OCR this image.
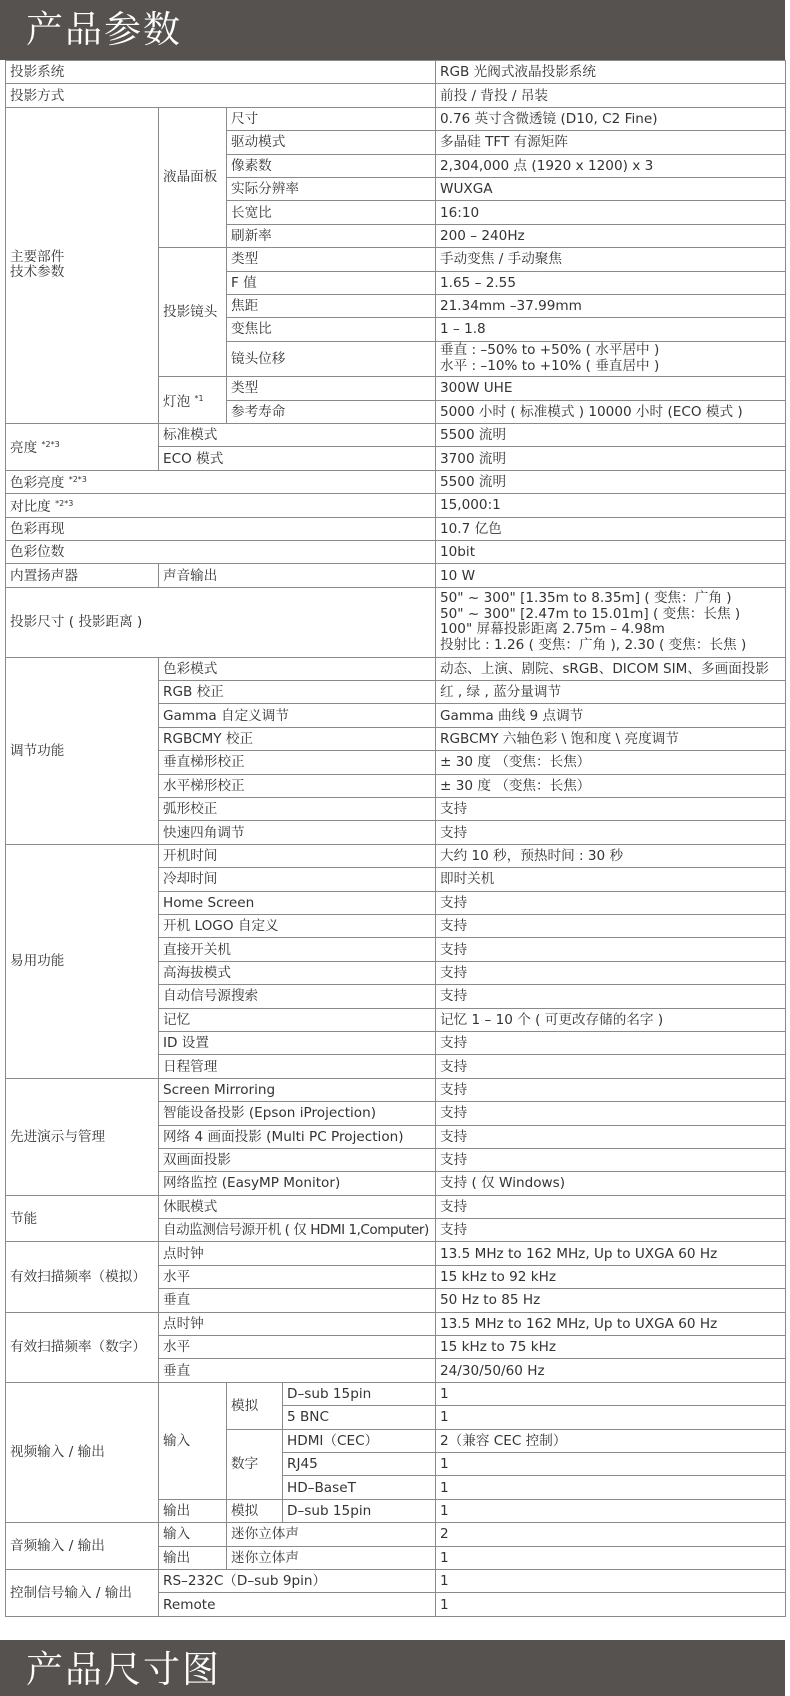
产品参数
投影系统				RGB 光阀式液晶投影系统
投影方式				前投 / 背投 / 吊装
主要部件
技术参数	液晶面板	尺寸		0.76 英寸含微透镜 (D10, C2 Fine)
		驱动模式		多晶硅 TFT 有源矩阵
		像素数		2,304,000 点 (1920 x 1200) x 3
		实际分辨率		WUXGA
		长宽比		16:10
		刷新率		200 – 240Hz
	投影镜头	类型		手动变焦 / 手动聚焦
		F 值		1.65 – 2.55
		焦距		21.34mm –37.99mm
		变焦比		1 – 1.8
		镜头位移		垂直 : –50% to +50% ( 水平居中 )
水平 : –10% to +10% ( 垂直居中 )
	灯泡 $^{*1}$	类型		300W UHE
		参考寿命		5000 小时 ( 标准模式 ) 10000 小时 (ECO 模式 )
亮度 $^{*2*3}$	标准模式			5500 流明
	ECO 模式			3700 流明
色彩亮度 $^{*2*3}$				5500 流明
对比度 $^{*2*3}$				15,000:1
色彩再现				10.7 亿色
色彩位数				10bit
内置扬声器	声音输出			10 W
投影尺寸 ( 投影距离 )				50" ~ 300" [1.35m to 8.35m] ( 变焦：广角 )
50" ~ 300" [2.47m to 15.01m] ( 变焦：长焦 )
100" 屏幕投影距离 2.75m – 4.98m
投射比 : 1.26 ( 变焦：广角 ), 2.30 ( 变焦：长焦 )
调节功能	色彩模式			动态、上演、剧院、sRGB、DICOM SIM、多画面投影
	RGB 校正			红 , 绿 , 蓝分量调节
	Gamma 自定义调节			Gamma 曲线 9 点调节
	RGBCMY 校正			RGBCMY 六轴色彩 \ 饱和度 \ 亮度调节
	垂直梯形校正			± 30 度 （变焦：长焦）
	水平梯形校正			± 30 度 （变焦：长焦）
	弧形校正			支持
	快速四角调节			支持
易用功能	开机时间			大约 10 秒，预热时间 : 30 秒
	冷却时间			即时关机
	Home Screen			支持
	开机 LOGO 自定义			支持
	直接开关机			支持
	高海拔模式			支持
	自动信号源搜索			支持
	记忆			记忆 1 – 10 个 ( 可更改存储的名字 )
	ID 设置			支持
	日程管理			支持
先进演示与管理	Screen Mirroring			支持
	智能设备投影 (Epson iProjection)			支持
	网络 4 画面投影 (Multi PC Projection)			支持
	双画面投影			支持
	网络监控 (EasyMP Monitor)			支持 ( 仅 Windows)
节能	休眠模式			支持
	自动监测信号源开机 ( 仅 HDMI 1,Computer)			支持
有效扫描频率（模拟）	点时钟			13.5 MHz to 162 MHz, Up to UXGA 60 Hz
	水平			15 kHz to 92 kHz
	垂直			50 Hz to 85 Hz
有效扫描频率（数字）	点时钟			13.5 MHz to 162 MHz, Up to UXGA 60 Hz
	水平			15 kHz to 75 kHz
	垂直			24/30/50/60 Hz
视频输入 / 输出	输入	模拟	D–sub 15pin	1
			5 BNC	1
		数字	HDMI（CEC）	2（兼容 CEC 控制）
			RJ45	1
			HD–BaseT	1
	输出	模拟	D–sub 15pin	1
音频输入 / 输出	输入	迷你立体声		2
	输出	迷你立体声		1
控制信号输入 / 输出	RS–232C（D–sub 9pin）			1
	Remote			1
产品尺寸图
